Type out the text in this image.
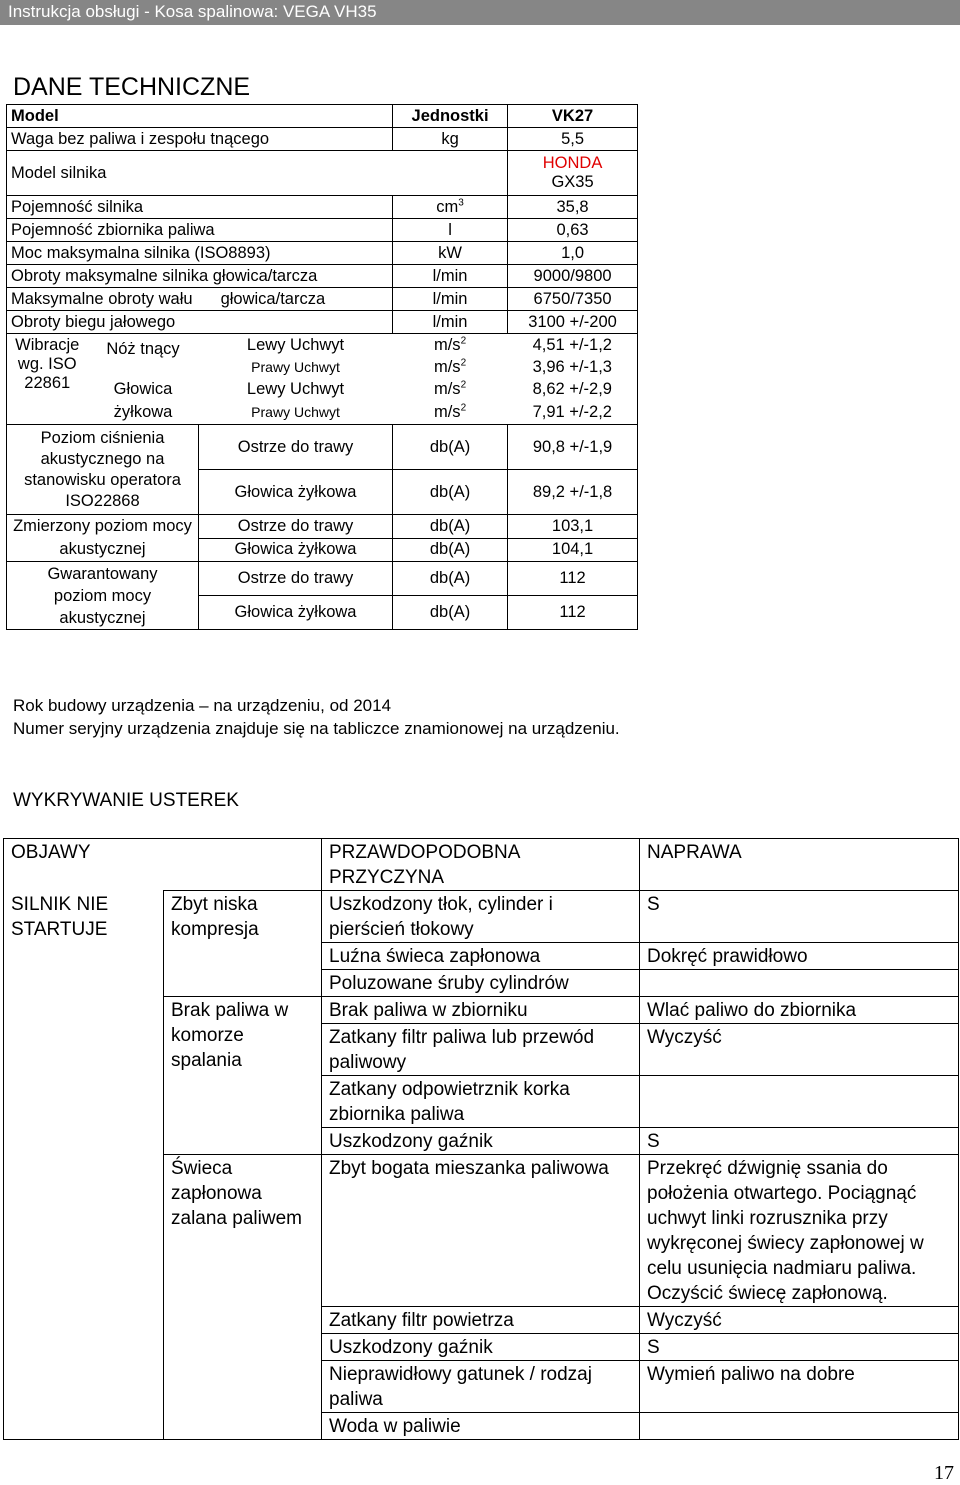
Instrukcja obsługi - Kosa spalinowa: VEGA VH35
DANE TECHNICZNE
Model			Jednostki	VK27
Waga bez paliwa i zespołu tnącego			kg	5,5
Model silnika				HONDA
GX35
Pojemność silnika			$cm^3$	35,8
Pojemność zbiornika paliwa			l	0,63
Moc maksymalna silnika (ISO8893)			kW	1,0
Obroty maksymalne silnika głowica/tarcza			l/min	9000/9800
Maksymalne obroty wału głowica/tarcza			l/min	6750/7350
Obroty biegu jałowego			l/min	3100 +/-200
Wibracje wg. ISO 22861	Nóż tnący	Lewy Uchwyt	$m/s^2$	4,51 +/-1,2
		Prawy Uchwyt	$m/s^2$	3,96 +/-1,3
	Głowica żyłkowa	Lewy Uchwyt	$m/s^2$	8,62 +/-2,9
		Prawy Uchwyt	$m/s^2$	7,91 +/-2,2
Poziom ciśnienia akustycznego na stanowisku operatora ISO22868		Ostrze do trawy	db(A)	90,8 +/-1,9
		Głowica żyłkowa	db(A)	89,2 +/-1,8
Zmierzony poziom mocy akustycznej		Ostrze do trawy	db(A)	103,1
		Głowica żyłkowa	db(A)	104,1
Gwarantowany poziom mocy akustycznej		Ostrze do trawy	db(A)	112
		Głowica żyłkowa	db(A)	112
Rok budowy urządzenia – na urządzeniu, od 2014
Numer seryjny urządzenia znajduje się na tabliczce znamionowej na urządzeniu.
WYKRYWANIE USTEREK
OBJAWY		PRZAWDOPODOBNA PRZYCZYNA	NAPRAWA
SILNIK NIE STARTUJE	Zbyt niska kompresja	Uszkodzony tłok, cylinder i pierścień tłokowy	S
		Luźna świeca zapłonowa	Dokręć prawidłowo
		Poluzowane śruby cylindrów	
	Brak paliwa w komorze spalania	Brak paliwa w zbiorniku	Wlać paliwo do zbiornika
		Zatkany filtr paliwa lub przewód paliwowy	Wyczyść
		Zatkany odpowietrznik korka zbiornika paliwa	
		Uszkodzony gaźnik	S
	Świeca zapłonowa zalana paliwem	Zbyt bogata mieszanka paliwowa	Przekręć dźwignię ssania do położenia otwartego. Pociągnąć uchwyt linki rozrusznika przy wykręconej świecy zapłonowej w celu usunięcia nadmiaru paliwa. Oczyścić świecę zapłonową.
		Zatkany filtr powietrza	Wyczyść
		Uszkodzony gaźnik	S
		Nieprawidłowy gatunek / rodzaj paliwa	Wymień paliwo na dobre
		Woda w paliwie	
17
